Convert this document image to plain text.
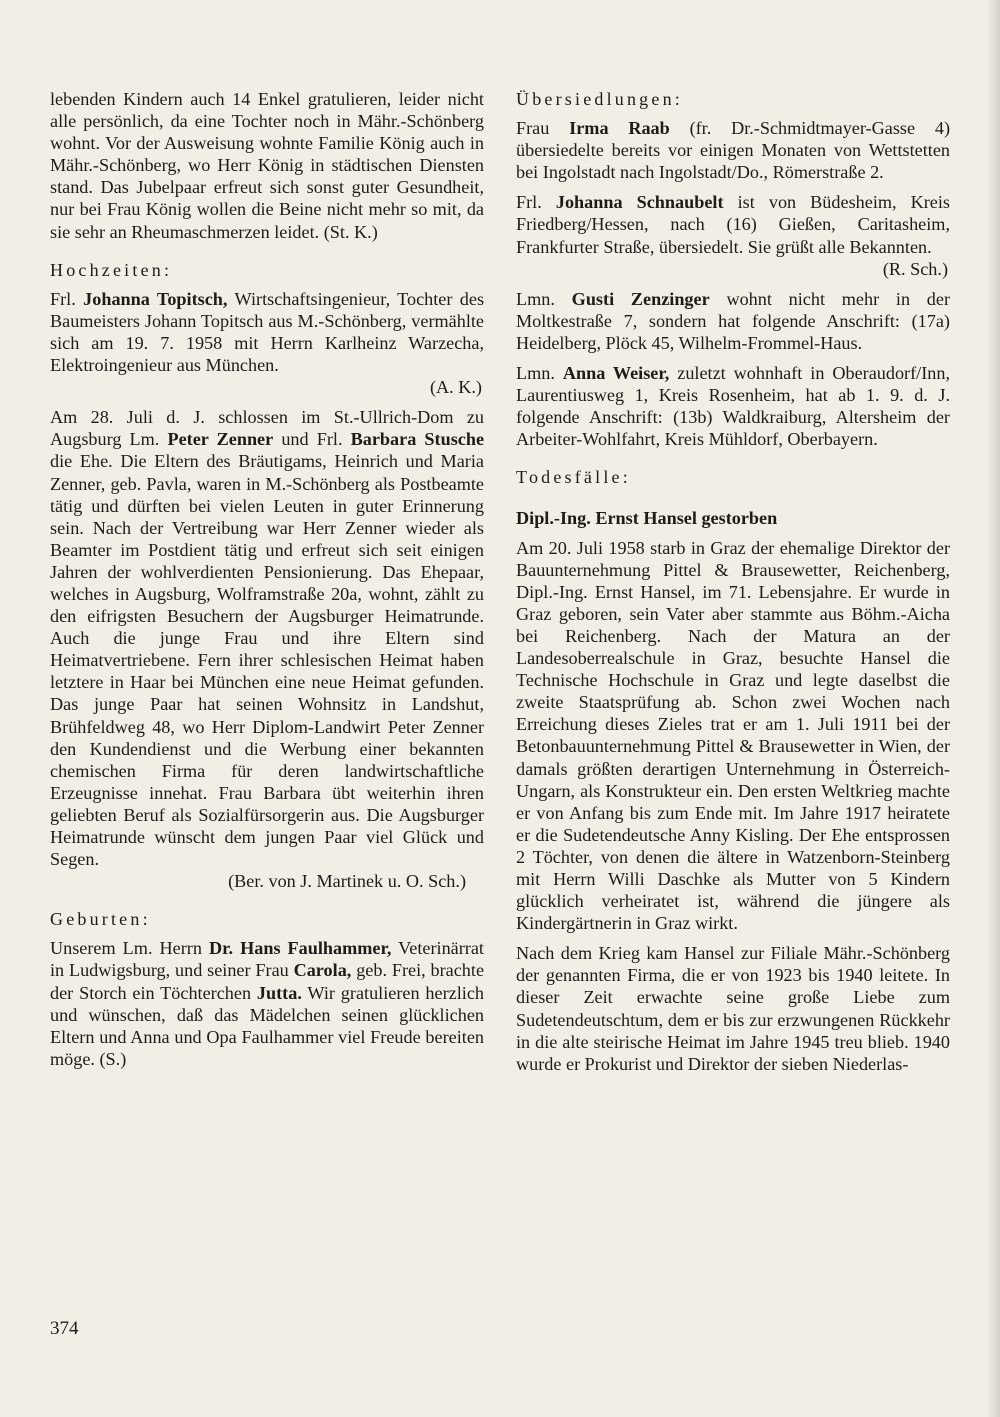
lebenden Kindern auch 14 Enkel gratulieren, leider nicht alle persönlich, da eine Tochter noch in Mähr.-Schönberg wohnt. Vor der Ausweisung wohnte Familie König auch in Mähr.-Schönberg, wo Herr König in städtischen Diensten stand. Das Jubelpaar erfreut sich sonst guter Gesundheit, nur bei Frau König wollen die Beine nicht mehr so mit, da sie sehr an Rheumaschmerzen leidet. (St. K.)

Hochzeiten:

Frl. Johanna Topitsch, Wirtschaftsingenieur, Tochter des Baumeisters Johann Topitsch aus M.-Schönberg, vermählte sich am 19. 7. 1958 mit Herrn Karlheinz Warzecha, Elektroingenieur aus München.

(A. K.)

Am 28. Juli d. J. schlossen im St.-Ullrich-Dom zu Augsburg Lm. Peter Zenner und Frl. Barbara Stusche die Ehe. Die Eltern des Bräutigams, Heinrich und Maria Zenner, geb. Pavla, waren in M.-Schönberg als Postbeamte tätig und dürften bei vielen Leuten in guter Erinnerung sein. Nach der Vertreibung war Herr Zenner wieder als Beamter im Postdient tätig und erfreut sich seit einigen Jahren der wohlverdienten Pensionierung. Das Ehepaar, welches in Augsburg, Wolframstraße 20a, wohnt, zählt zu den eifrigsten Besuchern der Augsburger Heimatrunde. Auch die junge Frau und ihre Eltern sind Heimatvertriebene. Fern ihrer schlesischen Heimat haben letztere in Haar bei München eine neue Heimat gefunden. Das junge Paar hat seinen Wohnsitz in Landshut, Brühfeldweg 48, wo Herr Diplom-Landwirt Peter Zenner den Kundendienst und die Werbung einer bekannten chemischen Firma für deren landwirtschaftliche Erzeugnisse innehat. Frau Barbara übt weiterhin ihren geliebten Beruf als Sozialfürsorgerin aus. Die Augsburger Heimatrunde wünscht dem jungen Paar viel Glück und Segen.

(Ber. von J. Martinek u. O. Sch.)
Geburten:

Unserem Lm. Herrn Dr. Hans Faulhammer, Veterinärrat in Ludwigsburg, und seiner Frau Carola, geb. Frei, brachte der Storch ein Töchterchen Jutta. Wir gratulieren herzlich und wünschen, daß das Mädelchen seinen glücklichen Eltern und Anna und Opa Faulhammer viel Freude bereiten möge. (S.)

Übersiedlungen:

Frau Irma Raab (fr. Dr.-Schmidtmayer-Gasse 4) übersiedelte bereits vor einigen Monaten von Wettstetten bei Ingolstadt nach Ingolstadt/Do., Römerstraße 2.

Frl. Johanna Schnaubelt ist von Büdesheim, Kreis Friedberg/Hessen, nach (16) Gießen, Caritasheim, Frankfurter Straße, übersiedelt. Sie grüßt alle Bekannten.

(R. Sch.)

Lmn. Gusti Zenzinger wohnt nicht mehr in der Moltkestraße 7, sondern hat folgende Anschrift: (17a) Heidelberg, Plöck 45, Wilhelm-Frommel-Haus.

Lmn. Anna Weiser, zuletzt wohnhaft in Oberaudorf/Inn, Laurentiusweg 1, Kreis Rosenheim, hat ab 1. 9. d. J. folgende Anschrift: (13b) Waldkraiburg, Altersheim der Arbeiter-Wohlfahrt, Kreis Mühldorf, Oberbayern.

Todesfälle:
Dipl.-Ing. Ernst Hansel gestorben

Am 20. Juli 1958 starb in Graz der ehemalige Direktor der Bauunternehmung Pittel & Brausewetter, Reichenberg, Dipl.-Ing. Ernst Hansel, im 71. Lebensjahre. Er wurde in Graz geboren, sein Vater aber stammte aus Böhm.-Aicha bei Reichenberg. Nach der Matura an der Landesoberrealschule in Graz, besuchte Hansel die Technische Hochschule in Graz und legte daselbst die zweite Staatsprüfung ab. Schon zwei Wochen nach Erreichung dieses Zieles trat er am 1. Juli 1911 bei der Betonbauunternehmung Pittel & Brausewetter in Wien, der damals größten derartigen Unternehmung in Österreich-Ungarn, als Konstrukteur ein. Den ersten Weltkrieg machte er von Anfang bis zum Ende mit. Im Jahre 1917 heiratete er die Sudetendeutsche Anny Kisling. Der Ehe entsprossen 2 Töchter, von denen die ältere in Watzenborn-Steinberg mit Herrn Willi Daschke als Mutter von 5 Kindern glücklich verheiratet ist, während die jüngere als Kindergärtnerin in Graz wirkt.

Nach dem Krieg kam Hansel zur Filiale Mähr.-Schönberg der genannten Firma, die er von 1923 bis 1940 leitete. In dieser Zeit erwachte seine große Liebe zum Sudetendeutschtum, dem er bis zur erzwungenen Rückkehr in die alte steirische Heimat im Jahre 1945 treu blieb. 1940 wurde er Prokurist und Direktor der sieben Niederlas-

374
